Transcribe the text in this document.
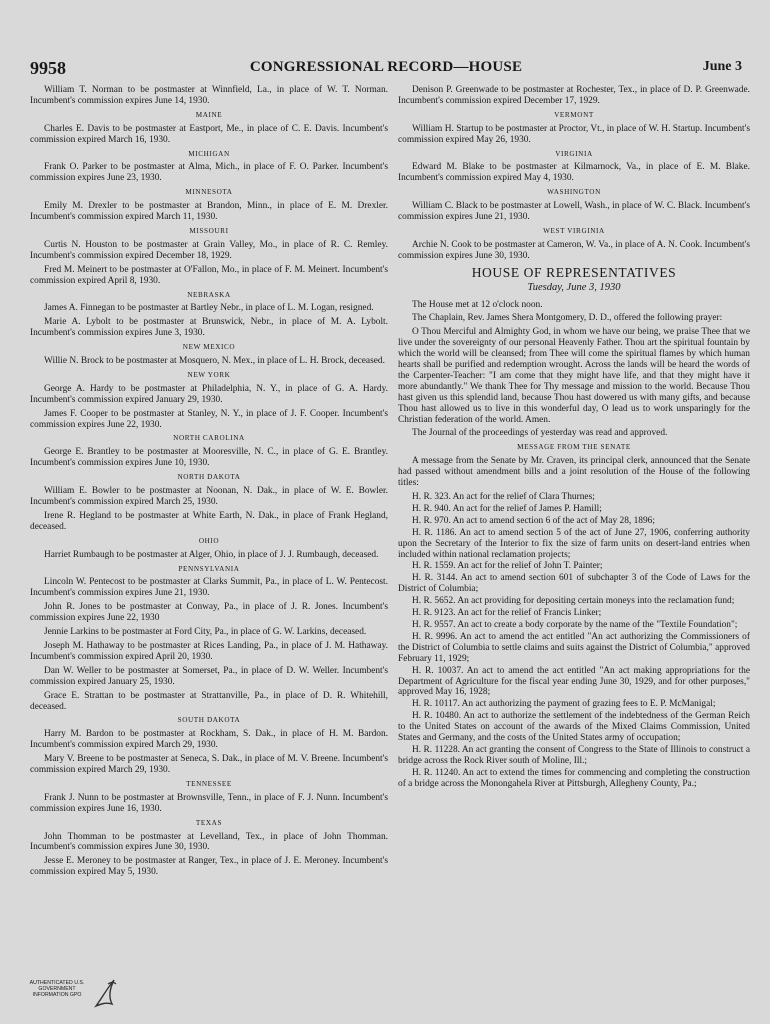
9958	CONGRESSIONAL RECORD—HOUSE	June 3

William T. Norman to be postmaster at Winnfield, La., in place of W. T. Norman. Incumbent's commission expires June 14, 1930.

MAINE

Charles E. Davis to be postmaster at Eastport, Me., in place of C. E. Davis. Incumbent's commission expired March 16, 1930.

MICHIGAN

Frank O. Parker to be postmaster at Alma, Mich., in place of F. O. Parker. Incumbent's commission expires June 23, 1930.

MINNESOTA

Emily M. Drexler to be postmaster at Brandon, Minn., in place of E. M. Drexler. Incumbent's commission expired March 11, 1930.

MISSOURI

Curtis N. Houston to be postmaster at Grain Valley, Mo., in place of R. C. Remley. Incumbent's commission expired December 18, 1929.

Fred M. Meinert to be postmaster at O'Fallon, Mo., in place of F. M. Meinert. Incumbent's commission expired April 8, 1930.

NEBRASKA

James A. Finnegan to be postmaster at Bartley Nebr., in place of L. M. Logan, resigned.

Marie A. Lybolt to be postmaster at Brunswick, Nebr., in place of M. A. Lybolt. Incumbent's commission expires June 3, 1930.

NEW MEXICO

Willie N. Brock to be postmaster at Mosquero, N. Mex., in place of L. H. Brock, deceased.

NEW YORK

George A. Hardy to be postmaster at Philadelphia, N. Y., in place of G. A. Hardy. Incumbent's commission expired January 29, 1930.

James F. Cooper to be postmaster at Stanley, N. Y., in place of J. F. Cooper. Incumbent's commission expires June 22, 1930.

NORTH CAROLINA

George E. Brantley to be postmaster at Mooresville, N. C., in place of G. E. Brantley. Incumbent's commission expires June 10, 1930.

NORTH DAKOTA

William E. Bowler to be postmaster at Noonan, N. Dak., in place of W. E. Bowler. Incumbent's commission expired March 25, 1930.

Irene R. Hegland to be postmaster at White Earth, N. Dak., in place of Frank Hegland, deceased.

OHIO

Harriet Rumbaugh to be postmaster at Alger, Ohio, in place of J. J. Rumbaugh, deceased.

PENNSYLVANIA

Lincoln W. Pentecost to be postmaster at Clarks Summit, Pa., in place of L. W. Pentecost. Incumbent's commission expires June 21, 1930.

John R. Jones to be postmaster at Conway, Pa., in place of J. R. Jones. Incumbent's commission expires June 22, 1930

Jennie Larkins to be postmaster at Ford City, Pa., in place of G. W. Larkins, deceased.

Joseph M. Hathaway to be postmaster at Rices Landing, Pa., in place of J. M. Hathaway. Incumbent's commission expired April 20, 1930.

Dan W. Weller to be postmaster at Somerset, Pa., in place of D. W. Weller. Incumbent's commission expired January 25, 1930.

Grace E. Strattan to be postmaster at Strattanville, Pa., in place of D. R. Whitehill, deceased.

SOUTH DAKOTA

Harry M. Bardon to be postmaster at Rockham, S. Dak., in place of H. M. Bardon. Incumbent's commission expired March 29, 1930.

Mary V. Breene to be postmaster at Seneca, S. Dak., in place of M. V. Breene. Incumbent's commission expired March 29, 1930.

TENNESSEE

Frank J. Nunn to be postmaster at Brownsville, Tenn., in place of F. J. Nunn. Incumbent's commission expires June 16, 1930.

TEXAS

John Thomman to be postmaster at Levelland, Tex., in place of John Thomman. Incumbent's commission expires June 30, 1930.

Jesse E. Meroney to be postmaster at Ranger, Tex., in place of J. E. Meroney. Incumbent's commission expired May 5, 1930.

Denison P. Greenwade to be postmaster at Rochester, Tex., in place of D. P. Greenwade. Incumbent's commission expired December 17, 1929.

VERMONT

William H. Startup to be postmaster at Proctor, Vt., in place of W. H. Startup. Incumbent's commission expired May 26, 1930.

VIRGINIA

Edward M. Blake to be postmaster at Kilmarnock, Va., in place of E. M. Blake. Incumbent's commission expired May 4, 1930.

WASHINGTON

William C. Black to be postmaster at Lowell, Wash., in place of W. C. Black. Incumbent's commission expires June 21, 1930.

WEST VIRGINIA

Archie N. Cook to be postmaster at Cameron, W. Va., in place of A. N. Cook. Incumbent's commission expires June 30, 1930.

HOUSE OF REPRESENTATIVES
Tuesday, June 3, 1930

The House met at 12 o'clock noon.

The Chaplain, Rev. James Shera Montgomery, D. D., offered the following prayer:

O Thou Merciful and Almighty God, in whom we have our being, we praise Thee that we live under the sovereignty of our personal Heavenly Father. Thou art the spiritual fountain by which the world will be cleansed; from Thee will come the spiritual flames by which human hearts shall be purified and redemption wrought. Across the lands will be heard the words of the Carpenter-Teacher: "I am come that they might have life, and that they might have it more abundantly." We thank Thee for Thy message and mission to the world. Because Thou hast given us this splendid land, because Thou hast dowered us with many gifts, and because Thou hast allowed us to live in this wonderful day, O lead us to work unsparingly for the Christian federation of the world. Amen.

The Journal of the proceedings of yesterday was read and approved.

MESSAGE FROM THE SENATE

A message from the Senate by Mr. Craven, its principal clerk, announced that the Senate had passed without amendment bills and a joint resolution of the House of the following titles:

H. R. 323. An act for the relief of Clara Thurnes;

H. R. 940. An act for the relief of James P. Hamill;

H. R. 970. An act to amend section 6 of the act of May 28, 1896;

H. R. 1186. An act to amend section 5 of the act of June 27, 1906, conferring authority upon the Secretary of the Interior to fix the size of farm units on desert-land entries when included within national reclamation projects;

H. R. 1559. An act for the relief of John T. Painter;

H. R. 3144. An act to amend section 601 of subchapter 3 of the Code of Laws for the District of Columbia;

H. R. 5652. An act providing for depositing certain moneys into the reclamation fund;

H. R. 9123. An act for the relief of Francis Linker;

H. R. 9557. An act to create a body corporate by the name of the "Textile Foundation";

H. R. 9996. An act to amend the act entitled "An act authorizing the Commissioners of the District of Columbia to settle claims and suits against the District of Columbia," approved February 11, 1929;

H. R. 10037. An act to amend the act entitled "An act making appropriations for the Department of Agriculture for the fiscal year ending June 30, 1929, and for other purposes," approved May 16, 1928;

H. R. 10117. An act authorizing the payment of grazing fees to E. P. McManigal;

H. R. 10480. An act to authorize the settlement of the indebtedness of the German Reich to the United States on account of the awards of the Mixed Claims Commission, United States and Germany, and the costs of the United States army of occupation;

H. R. 11228. An act granting the consent of Congress to the State of Illinois to construct a bridge across the Rock River south of Moline, Ill.;

H. R. 11240. An act to extend the times for commencing and completing the construction of a bridge across the Monongahela River at Pittsburgh, Allegheny County, Pa.;

AUTHENTICATED U.S. GOVERNMENT INFORMATION GPO
